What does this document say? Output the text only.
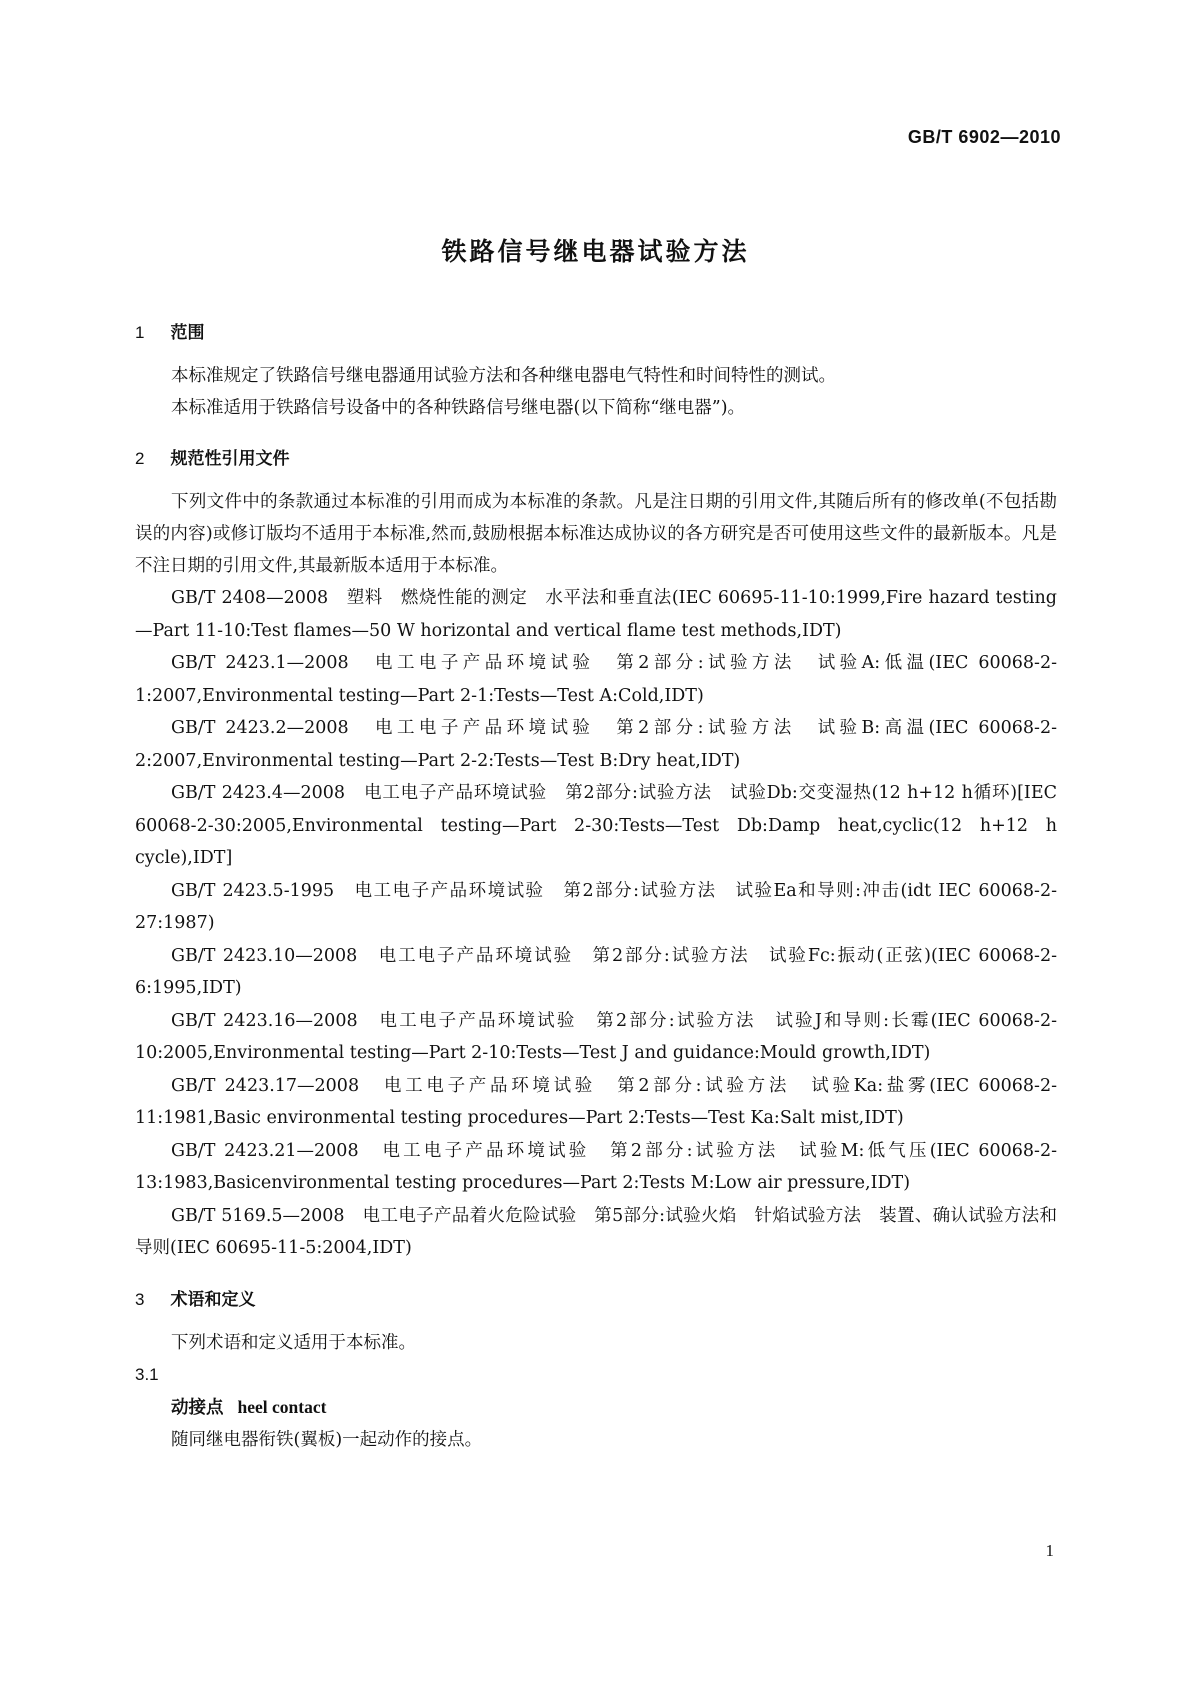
GB/T 6902—2010
铁路信号继电器试验方法
1 范围

本标准规定了铁路信号继电器通用试验方法和各种继电器电气特性和时间特性的测试。

本标准适用于铁路信号设备中的各种铁路信号继电器(以下简称“继电器”)。

2 规范性引用文件

下列文件中的条款通过本标准的引用而成为本标准的条款。凡是注日期的引用文件,其随后所有的修改单(不包括勘误的内容)或修订版均不适用于本标准,然而,鼓励根据本标准达成协议的各方研究是否可使用这些文件的最新版本。凡是不注日期的引用文件,其最新版本适用于本标准。

GB/T 2408—2008　塑料　燃烧性能的测定　水平法和垂直法(IEC 60695-11-10:1999,Fire hazard testing—Part 11-10:Test flames—50 W horizontal and vertical flame test methods,IDT)

GB/T 2423.1—2008　电工电子产品环境试验　第2部分:试验方法　试验A:低温(IEC 60068-2-1:2007,Environmental testing—Part 2-1:Tests—Test A:Cold,IDT)

GB/T 2423.2—2008　电工电子产品环境试验　第2部分:试验方法　试验B:高温(IEC 60068-2-2:2007,Environmental testing—Part 2-2:Tests—Test B:Dry heat,IDT)

GB/T 2423.4—2008　电工电子产品环境试验　第2部分:试验方法　试验Db:交变湿热(12 h+12 h循环)[IEC 60068-2-30:2005,Environmental testing—Part 2-30:Tests—Test Db:Damp heat,cyclic(12 h+12 h cycle),IDT]

GB/T 2423.5-1995　电工电子产品环境试验　第2部分:试验方法　试验Ea和导则:冲击(idt IEC 60068-2-27:1987)

GB/T 2423.10—2008　电工电子产品环境试验　第2部分:试验方法　试验Fc:振动(正弦)(IEC 60068-2-6:1995,IDT)

GB/T 2423.16—2008　电工电子产品环境试验　第2部分:试验方法　试验J和导则:长霉(IEC 60068-2-10:2005,Environmental testing—Part 2-10:Tests—Test J and guidance:Mould growth,IDT)

GB/T 2423.17—2008　电工电子产品环境试验　第2部分:试验方法　试验Ka:盐雾(IEC 60068-2-11:1981,Basic environmental testing procedures—Part 2:Tests—Test Ka:Salt mist,IDT)

GB/T 2423.21—2008　电工电子产品环境试验　第2部分:试验方法　试验M:低气压(IEC 60068-2-13:1983,Basicenvironmental testing procedures—Part 2:Tests M:Low air pressure,IDT)

GB/T 5169.5—2008　电工电子产品着火危险试验　第5部分:试验火焰　针焰试验方法　装置、确认试验方法和导则(IEC 60695-11-5:2004,IDT)

3 术语和定义

下列术语和定义适用于本标准。

3.1
动接点 heel contact

随同继电器衔铁(翼板)一起动作的接点。

1
